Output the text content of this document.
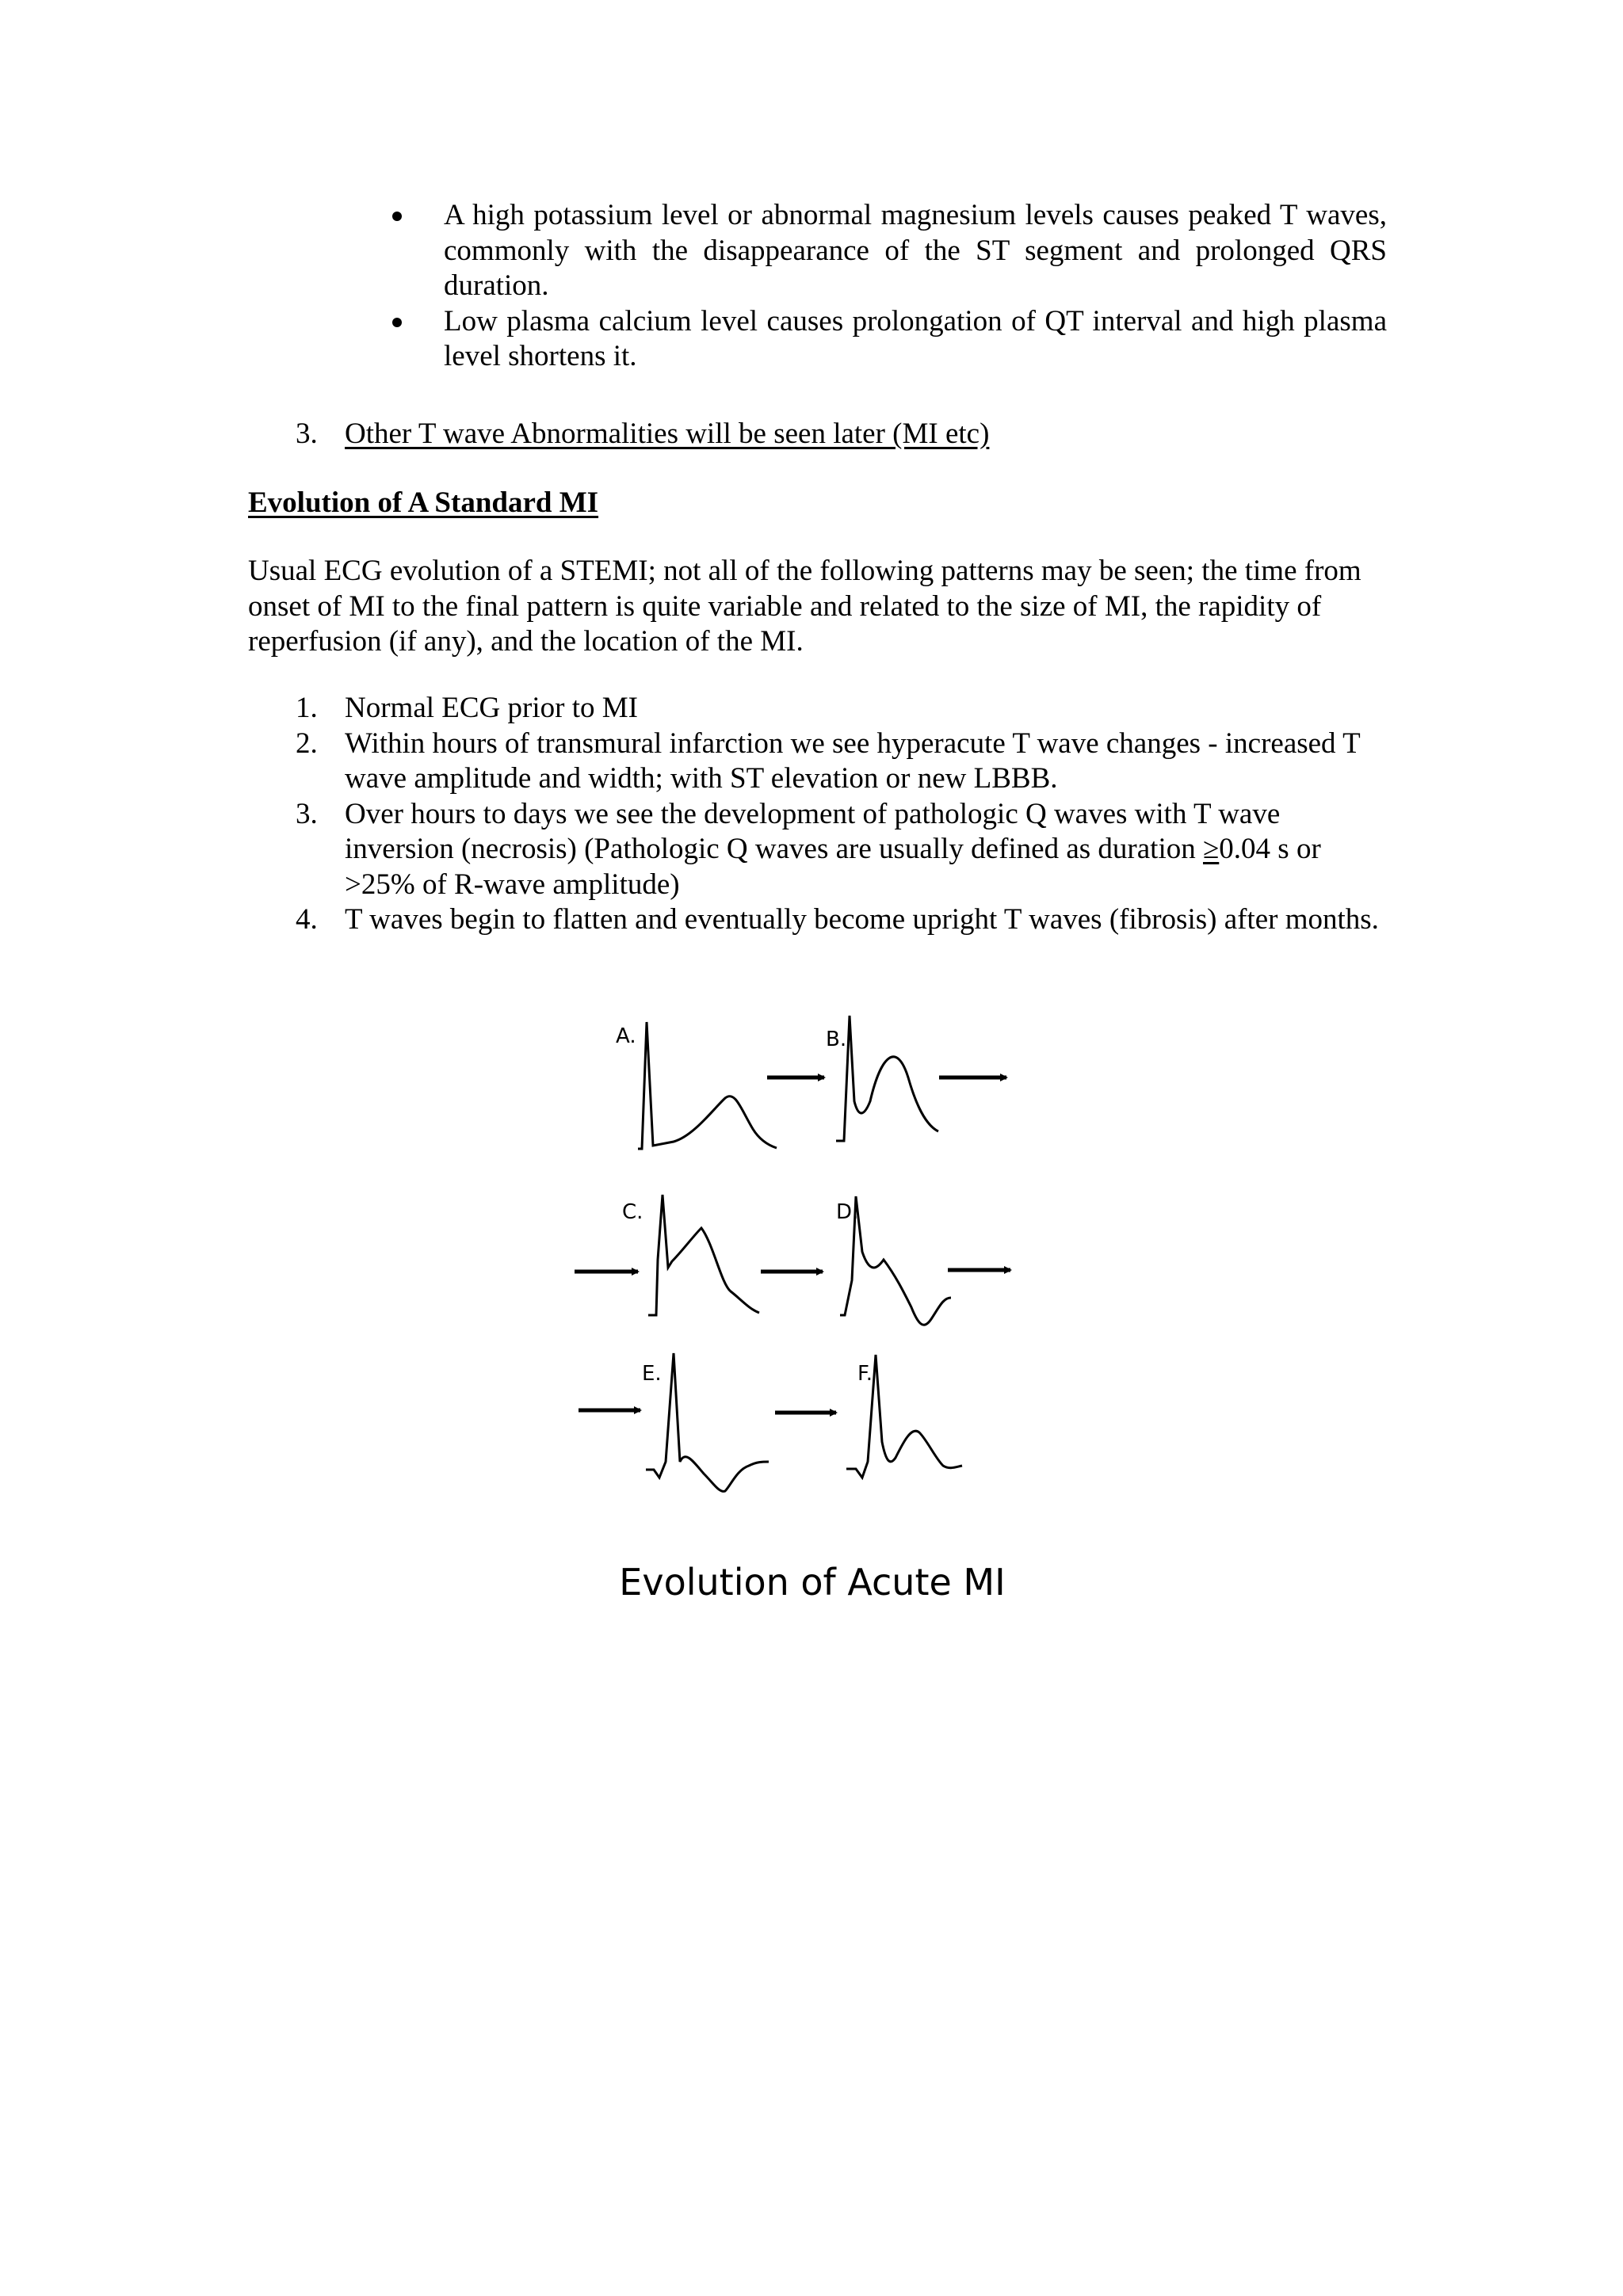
A high potassium level or abnormal magnesium levels causes peaked T waves, commonly with the disappearance of the ST segment and prolonged QRS duration.
Low plasma calcium level causes prolongation of QT interval and high plasma level shortens it.
3. Other T wave Abnormalities will be seen later (MI etc)
Evolution of A Standard MI
Usual ECG evolution of a STEMI; not all of the following patterns may be seen; the time from onset of MI to the final pattern is quite variable and related to the size of MI, the rapidity of reperfusion (if any), and the location of the MI.
1. Normal ECG prior to MI
2. Within hours of transmural infarction we see hyperacute T wave changes - increased T wave amplitude and width; with ST elevation or new LBBB.
3. Over hours to days we see the development of pathologic Q waves with T wave inversion (necrosis) (Pathologic Q waves are usually defined as duration ≥0.04 s or >25% of R-wave amplitude)
4. T waves begin to flatten and eventually become upright T waves (fibrosis) after months.
A.	B.
C.	D.
E.	F.
Evolution of Acute MI
